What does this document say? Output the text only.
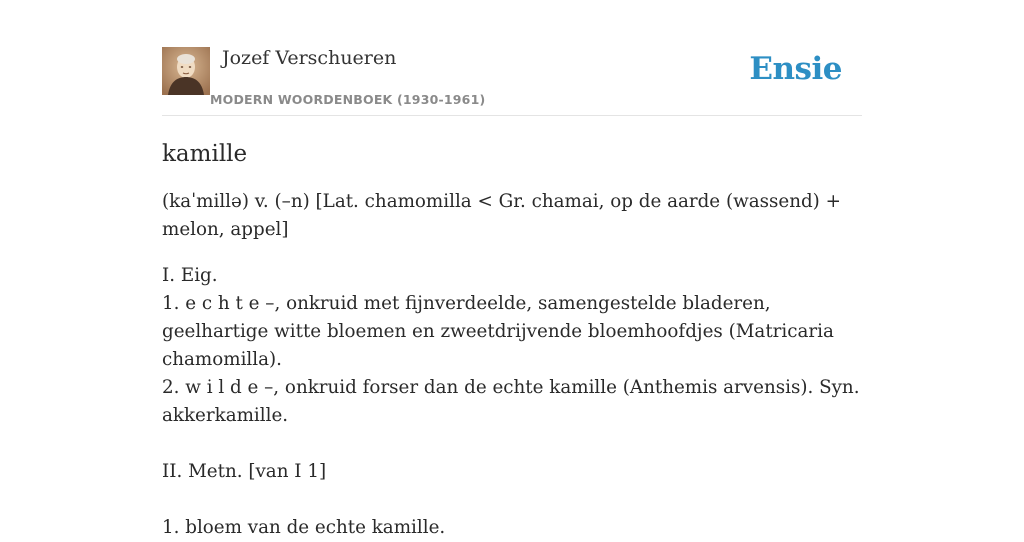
Jozef Verschueren
MODERN WOORDENBOEK (1930-1961)
Ensie
kamille

(kaˈmillə) v. (–n) [Lat. chamomilla < Gr. chamai, op de aarde (wassend) + melon, appel]

I. Eig.

1. e c h t e –, onkruid met fijnverdeelde, samengestelde bladeren, geelhartige witte bloemen en zweetdrijvende bloemhoofdjes (Matricaria chamomilla).

2. w i l d e –, onkruid forser dan de echte kamille (Anthemis arvensis). Syn. akkerkamille.

II. Metn. [van I 1]

1. bloem van de echte kamille.
